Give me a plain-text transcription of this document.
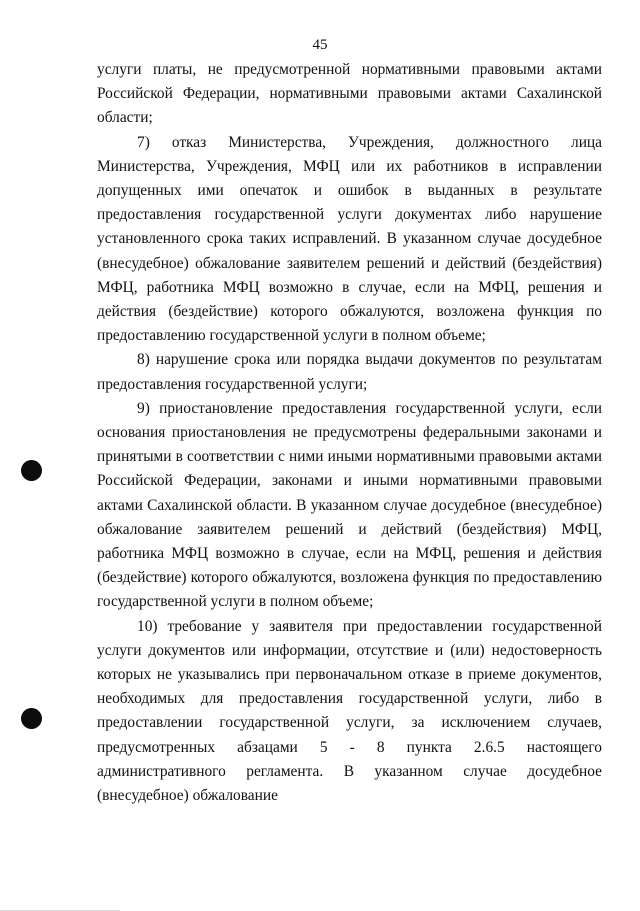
45

услуги платы, не предусмотренной нормативными правовыми актами Российской Федерации, нормативными правовыми актами Сахалинской области;

7) отказ Министерства, Учреждения, должностного лица Министерства, Учреждения, МФЦ или их работников в исправлении допущенных ими опечаток и ошибок в выданных в результате предоставления государственной услуги документах либо нарушение установленного срока таких исправлений. В указанном случае досудебное (внесудебное) обжалование заявителем решений и действий (бездействия) МФЦ, работника МФЦ возможно в случае, если на МФЦ, решения и действия (бездействие) которого обжалуются, возложена функция по предоставлению государственной услуги в полном объеме;

8) нарушение срока или порядка выдачи документов по результатам предоставления государственной услуги;

9) приостановление предоставления государственной услуги, если основания приостановления не предусмотрены федеральными законами и принятыми в соответствии с ними иными нормативными правовыми актами Российской Федерации, законами и иными нормативными правовыми актами Сахалинской области. В указанном случае досудебное (внесудебное) обжалование заявителем решений и действий (бездействия) МФЦ, работника МФЦ возможно в случае, если на МФЦ, решения и действия (бездействие) которого обжалуются, возложена функция по предоставлению государственной услуги в полном объеме;

10) требование у заявителя при предоставлении государственной услуги документов или информации, отсутствие и (или) недостоверность которых не указывались при первоначальном отказе в приеме документов, необходимых для предоставления государственной услуги, либо в предоставлении государственной услуги, за исключением случаев, предусмотренных абзацами 5 - 8 пункта 2.6.5 настоящего административного регламента. В указанном случае досудебное (внесудебное) обжалование
